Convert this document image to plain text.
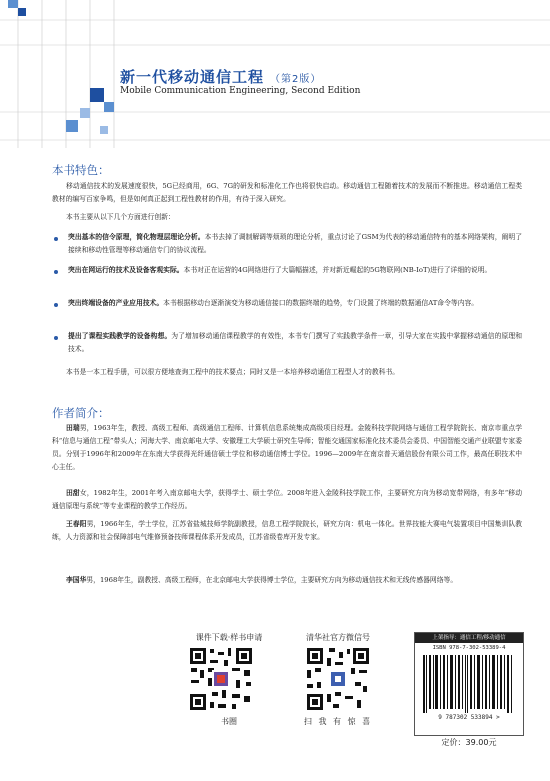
新一代移动通信工程 （第2版）
Mobile Communication Engineering, Second Edition
本书特色：
移动通信技术的发展速度很快，5G已经商用，6G、7G的研发和标准化工作也将很快启动。移动通信工程随着技术的发展而不断推进。移动通信工程类教材的编写百家争鸣，但是如何真正起到工程性教材的作用，有待于深入研究。
本书主要从以下几个方面进行创新：
突出基本的信令原理，简化物理层理论分析。本书去掉了调制解调等烦琐的理论分析，重点讨论了GSM为代表的移动通信特有的基本网络架构，阐明了接续和移动性管理等移动通信专门的协议流程。
突出在网运行的技术及设备客观实际。本书对正在运营的4G网络进行了大篇幅描述，并对新近崛起的5G物联网(NB-IoT)进行了详细的说明。
突出终端设备的产业应用技术。本书根据移动台逐渐演变为移动通信接口的数据终端的趋势，专门设置了终端的数据通信AT命令等内容。
提出了课程实践教学的设备构想。为了增加移动通信课程教学的有效性，本书专门撰写了实践教学条件一章，引导大家在实践中掌握移动通信的原理和技术。
本书是一本工程手册，可以很方便地查询工程中的技术要点；同时又是一本培养移动通信工程型人才的教科书。
作者简介：
田瑞男，1963年生，教授、高级工程师、高级通信工程师、计算机信息系统集成高级项目经理。金陵科技学院网络与通信工程学院院长、南京市重点学科“信息与通信工程”带头人；河海大学、南京邮电大学、安徽理工大学硕士研究生导师；智能交通国家标准化技术委员会委员、中国智能交通产业联盟专家委员。分别于1996年和2009年在东南大学获得光纤通信硕士学位和移动通信博士学位。1996—2009年在南京普天通信股份有限公司工作，最高任职技术中心主任。
田甜女，1982年生，2001年考入南京邮电大学，获得学士、硕士学位。2008年进入金陵科技学院工作，主要研究方向为移动宽带网络，有多年“移动通信原理与系统”等专业课程的教学工作经历。
王春阳男，1966年生，学士学位，江苏省盐城技师学院副教授，信息工程学院院长，研究方向：机电一体化。世界技能大赛电气装置项目中国集训队教练，人力资源和社会保障部电气维修预备技师课程体系开发成员，江苏省级卷库开发专家。
李国华男，1968年生，副教授、高级工程师，在北京邮电大学获得博士学位，主要研究方向为移动通信技术和无线传感器网络等。
课件下载·样书申请
书圈
清华社官方微信号
扫 我 有 惊 喜
上架指导：通信工程/移动通信
ISBN 978-7-302-53389-4
9 787302 533894 >
定价：39.00元
